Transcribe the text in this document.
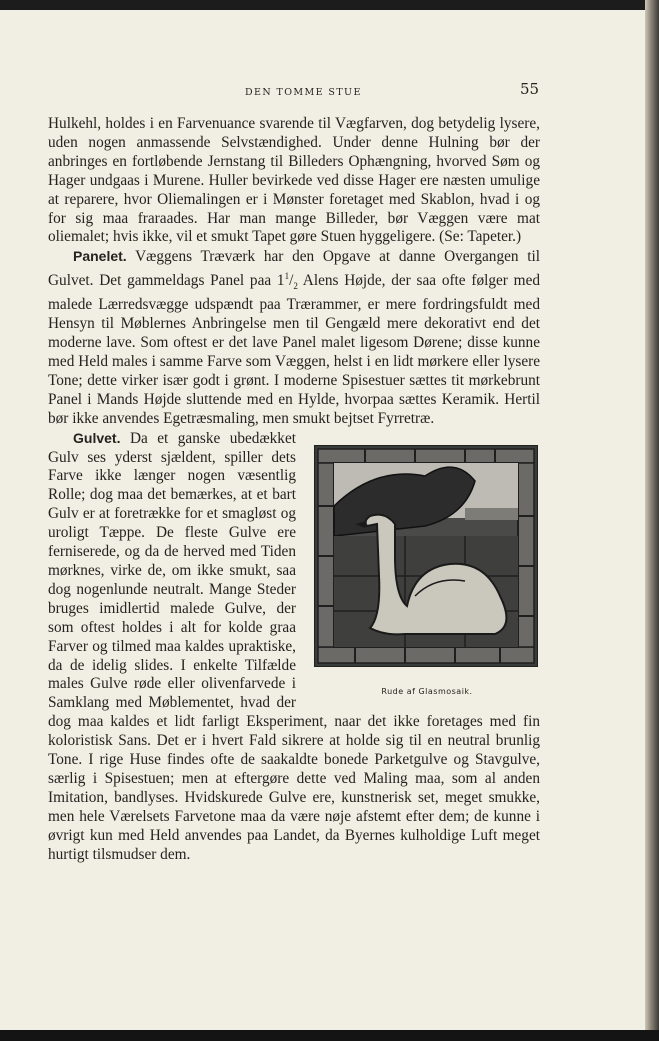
DEN TOMME STUE	55

Hulkehl, holdes i en Farvenuance svarende til Vægfarven, dog betydelig lysere, uden nogen anmassende Selvstændighed. Under denne Hulning bør der anbringes en fortløbende Jernstang til Billeders Ophængning, hvorved Søm og Hager undgaas i Murene. Huller bevirkede ved disse Hager ere næsten umulige at reparere, hvor Oliemalingen er i Mønster foretaget med Skablon, hvad i og for sig maa fraraades. Har man mange Billeder, bør Væggen være mat oliemalet; hvis ikke, vil et smukt Tapet gøre Stuen hyggeligere. (Se: Tapeter.)

Panelet. Væggens Træværk har den Opgave at danne Overgangen til Gulvet. Det gammeldags Panel paa $1^1/_2$ Alens Højde, der saa ofte følger med malede Lærredsvægge udspændt paa Trærammer, er mere fordringsfuldt med Hensyn til Møblernes Anbringelse men til Gengæld mere dekorativt end det moderne lave. Som oftest er det lave Panel malet ligesom Dørene; disse kunne med Held males i samme Farve som Væggen, helst i en lidt mørkere eller lysere Tone; dette virker især godt i grønt. I moderne Spisestuer sættes tit mørkebrunt Panel i Mands Højde sluttende med en Hylde, hvorpaa sættes Keramik. Hertil bør ikke anvendes Egetræsmaling, men smukt bejtset Fyrretræ.

Rude af Glasmosaik.

Gulvet. Da et ganske ubedækket Gulv ses yderst sjældent, spiller dets Farve ikke længer nogen væsentlig Rolle; dog maa det bemærkes, at et bart Gulv er at foretrække for et smagløst og uroligt Tæppe. De fleste Gulve ere ferniserede, og da de herved med Tiden mørknes, virke de, om ikke smukt, saa dog nogenlunde neutralt. Mange Steder bruges imidlertid malede Gulve, der som oftest holdes i alt for kolde graa Farver og tilmed maa kaldes upraktiske, da de idelig slides. I enkelte Tilfælde males Gulve røde eller olivenfarvede i Samklang med Møblementet, hvad der dog maa kaldes et lidt farligt Eksperiment, naar det ikke foretages med fin koloristisk Sans. Det er i hvert Fald sikrere at holde sig til en neutral brunlig Tone. I rige Huse findes ofte de saakaldte bonede Parketgulve og Stavgulve, særlig i Spisestuen; men at eftergøre dette ved Maling maa, som al anden Imitation, bandlyses. Hvidskurede Gulve ere, kunstnerisk set, meget smukke, men hele Værelsets Farvetone maa da være nøje afstemt efter dem; de kunne i øvrigt kun med Held anvendes paa Landet, da Byernes kulholdige Luft meget hurtigt tilsmudser dem.
